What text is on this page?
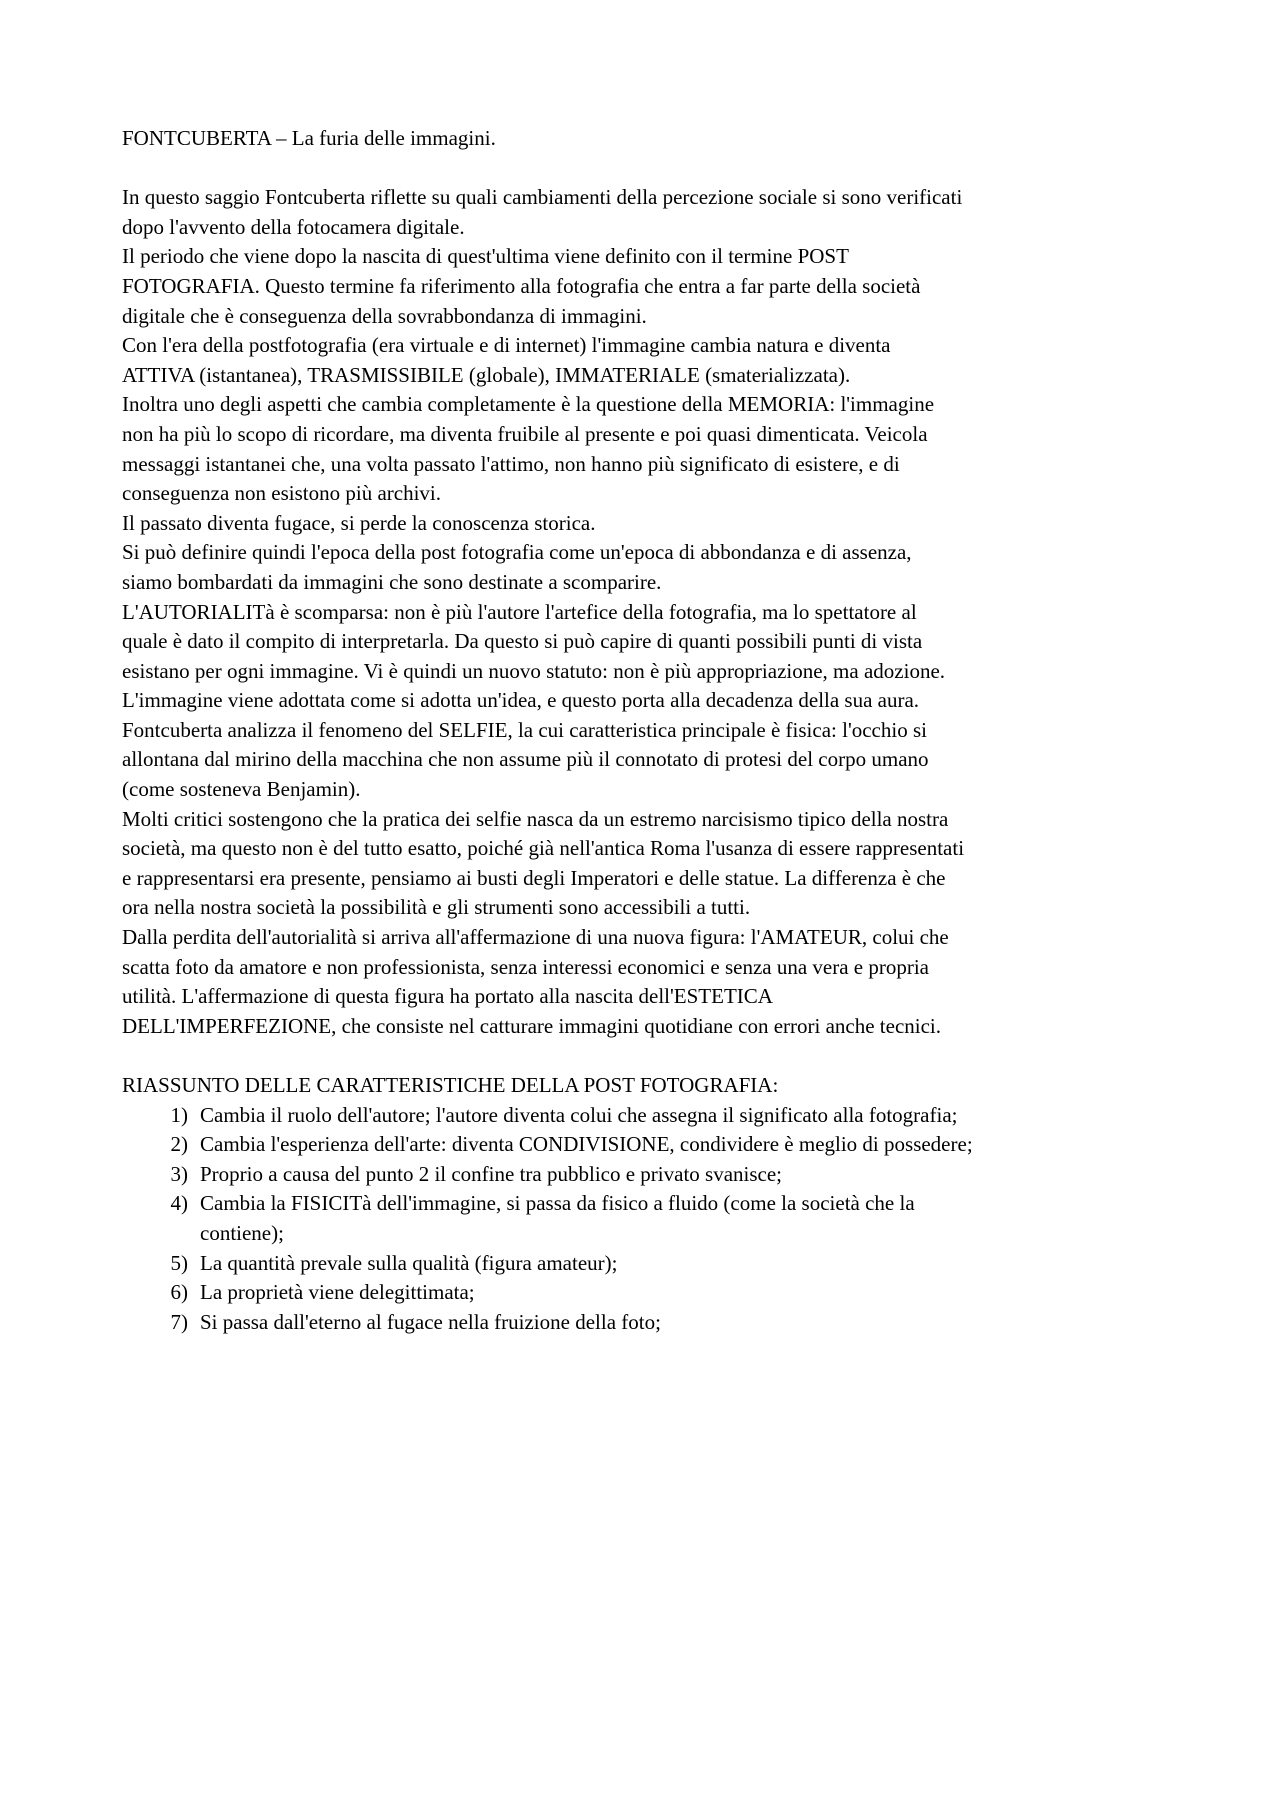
FONTCUBERTA – La furia delle immagini.
In questo saggio Fontcuberta riflette su quali cambiamenti della percezione sociale si sono verificati
dopo l'avvento della fotocamera digitale.
Il periodo che viene dopo la nascita di quest'ultima viene definito con il termine POST
FOTOGRAFIA. Questo termine fa riferimento alla fotografia che entra a far parte della società
digitale che è conseguenza della sovrabbondanza di immagini.
Con l'era della postfotografia (era virtuale e di internet) l'immagine cambia natura e diventa
ATTIVA (istantanea), TRASMISSIBILE (globale), IMMATERIALE (smaterializzata).
Inoltra uno degli aspetti che cambia completamente è la questione della MEMORIA: l'immagine
non ha più lo scopo di ricordare, ma diventa fruibile al presente e poi quasi dimenticata. Veicola
messaggi istantanei che, una volta passato l'attimo, non hanno più significato di esistere, e di
conseguenza non esistono più archivi.
Il passato diventa fugace, si perde la conoscenza storica.
Si può definire quindi l'epoca della post fotografia come un'epoca di abbondanza e di assenza,
siamo bombardati da immagini che sono destinate a scomparire.
L'AUTORIALITà è scomparsa: non è più l'autore l'artefice della fotografia, ma lo spettatore al
quale è dato il compito di interpretarla. Da questo si può capire di quanti possibili punti di vista
esistano per ogni immagine. Vi è quindi un nuovo statuto: non è più appropriazione, ma adozione.
L'immagine viene adottata come si adotta un'idea, e questo porta alla decadenza della sua aura.
Fontcuberta analizza il fenomeno del SELFIE, la cui caratteristica principale è fisica: l'occhio si
allontana dal mirino della macchina che non assume più il connotato di protesi del corpo umano
(come sosteneva Benjamin).
Molti critici sostengono che la pratica dei selfie nasca da un estremo narcisismo tipico della nostra
società, ma questo non è del tutto esatto, poiché già nell'antica Roma l'usanza di essere rappresentati
e rappresentarsi era presente, pensiamo ai busti degli Imperatori e delle statue. La differenza è che
ora nella nostra società la possibilità e gli strumenti sono accessibili a tutti.
Dalla perdita dell'autorialità si arriva all'affermazione di una nuova figura: l'AMATEUR, colui che
scatta foto da amatore e non professionista, senza interessi economici e senza una vera e propria
utilità. L'affermazione di questa figura ha portato alla nascita dell'ESTETICA
DELL'IMPERFEZIONE, che consiste nel catturare immagini quotidiane con errori anche tecnici.
RIASSUNTO DELLE CARATTERISTICHE DELLA POST FOTOGRAFIA:
1) Cambia il ruolo dell'autore; l'autore diventa colui che assegna il significato alla fotografia;
2) Cambia l'esperienza dell'arte: diventa CONDIVISIONE, condividere è meglio di possedere;
3) Proprio a causa del punto 2 il confine tra pubblico e privato svanisce;
4) Cambia la FISICITà dell'immagine, si passa da fisico a fluido (come la società che la
contiene);
5) La quantità prevale sulla qualità (figura amateur);
6) La proprietà viene delegittimata;
7) Si passa dall'eterno al fugace nella fruizione della foto;
